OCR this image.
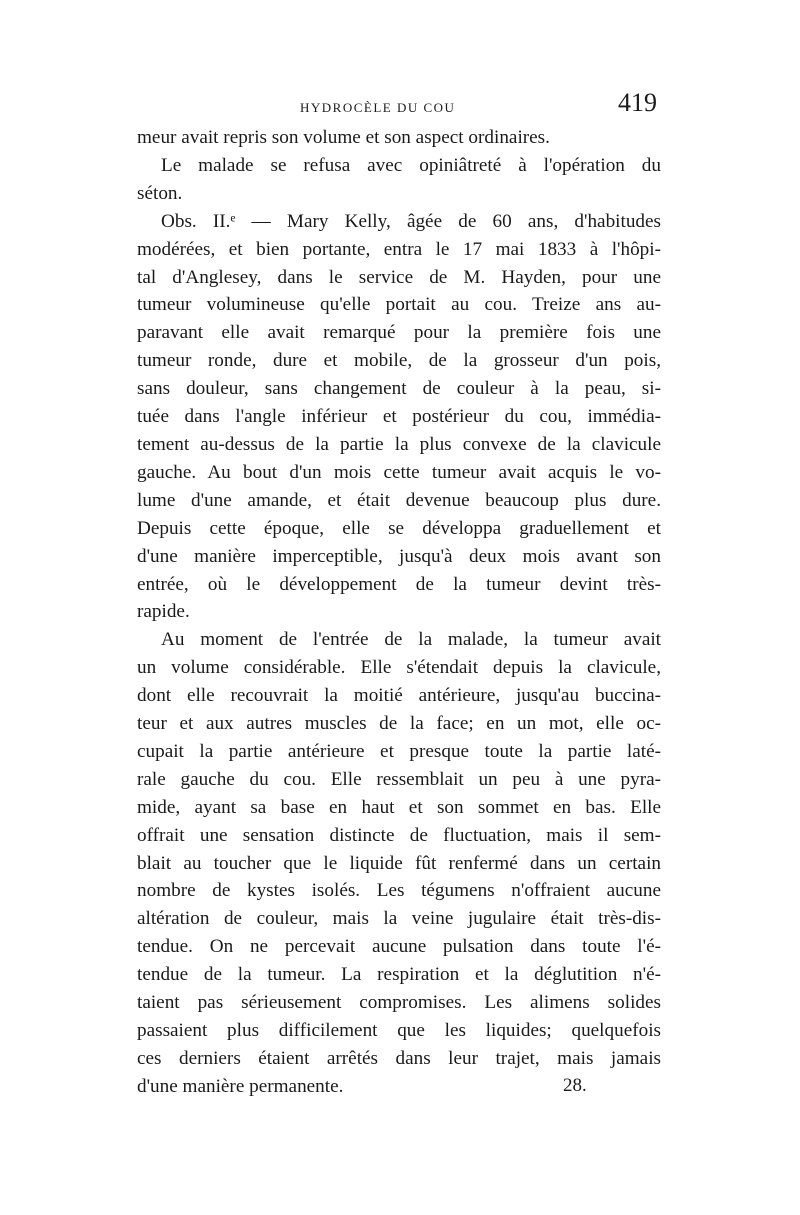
HYDROCÈLE DU COU	419
meur avait repris son volume et son aspect ordinaires.
Le malade se refusa avec opiniâtreté à l'opération du
séton.
Obs. II.ᵉ — Mary Kelly, âgée de 60 ans, d'habitudes
modérées, et bien portante, entra le 17 mai 1833 à l'hôpi-
tal d'Anglesey, dans le service de M. Hayden, pour une
tumeur volumineuse qu'elle portait au cou. Treize ans au-
paravant elle avait remarqué pour la première fois une
tumeur ronde, dure et mobile, de la grosseur d'un pois,
sans douleur, sans changement de couleur à la peau, si-
tuée dans l'angle inférieur et postérieur du cou, immédia-
tement au-dessus de la partie la plus convexe de la clavicule
gauche. Au bout d'un mois cette tumeur avait acquis le vo-
lume d'une amande, et était devenue beaucoup plus dure.
Depuis cette époque, elle se développa graduellement et
d'une manière imperceptible, jusqu'à deux mois avant son
entrée, où le développement de la tumeur devint très-
rapide.
Au moment de l'entrée de la malade, la tumeur avait
un volume considérable. Elle s'étendait depuis la clavicule,
dont elle recouvrait la moitié antérieure, jusqu'au buccina-
teur et aux autres muscles de la face; en un mot, elle oc-
cupait la partie antérieure et presque toute la partie laté-
rale gauche du cou. Elle ressemblait un peu à une pyra-
mide, ayant sa base en haut et son sommet en bas. Elle
offrait une sensation distincte de fluctuation, mais il sem-
blait au toucher que le liquide fût renfermé dans un certain
nombre de kystes isolés. Les tégumens n'offraient aucune
altération de couleur, mais la veine jugulaire était très-dis-
tendue. On ne percevait aucune pulsation dans toute l'é-
tendue de la tumeur. La respiration et la déglutition n'é-
taient pas sérieusement compromises. Les alimens solides
passaient plus difficilement que les liquides; quelquefois
ces derniers étaient arrêtés dans leur trajet, mais jamais
d'une manière permanente.	28.
